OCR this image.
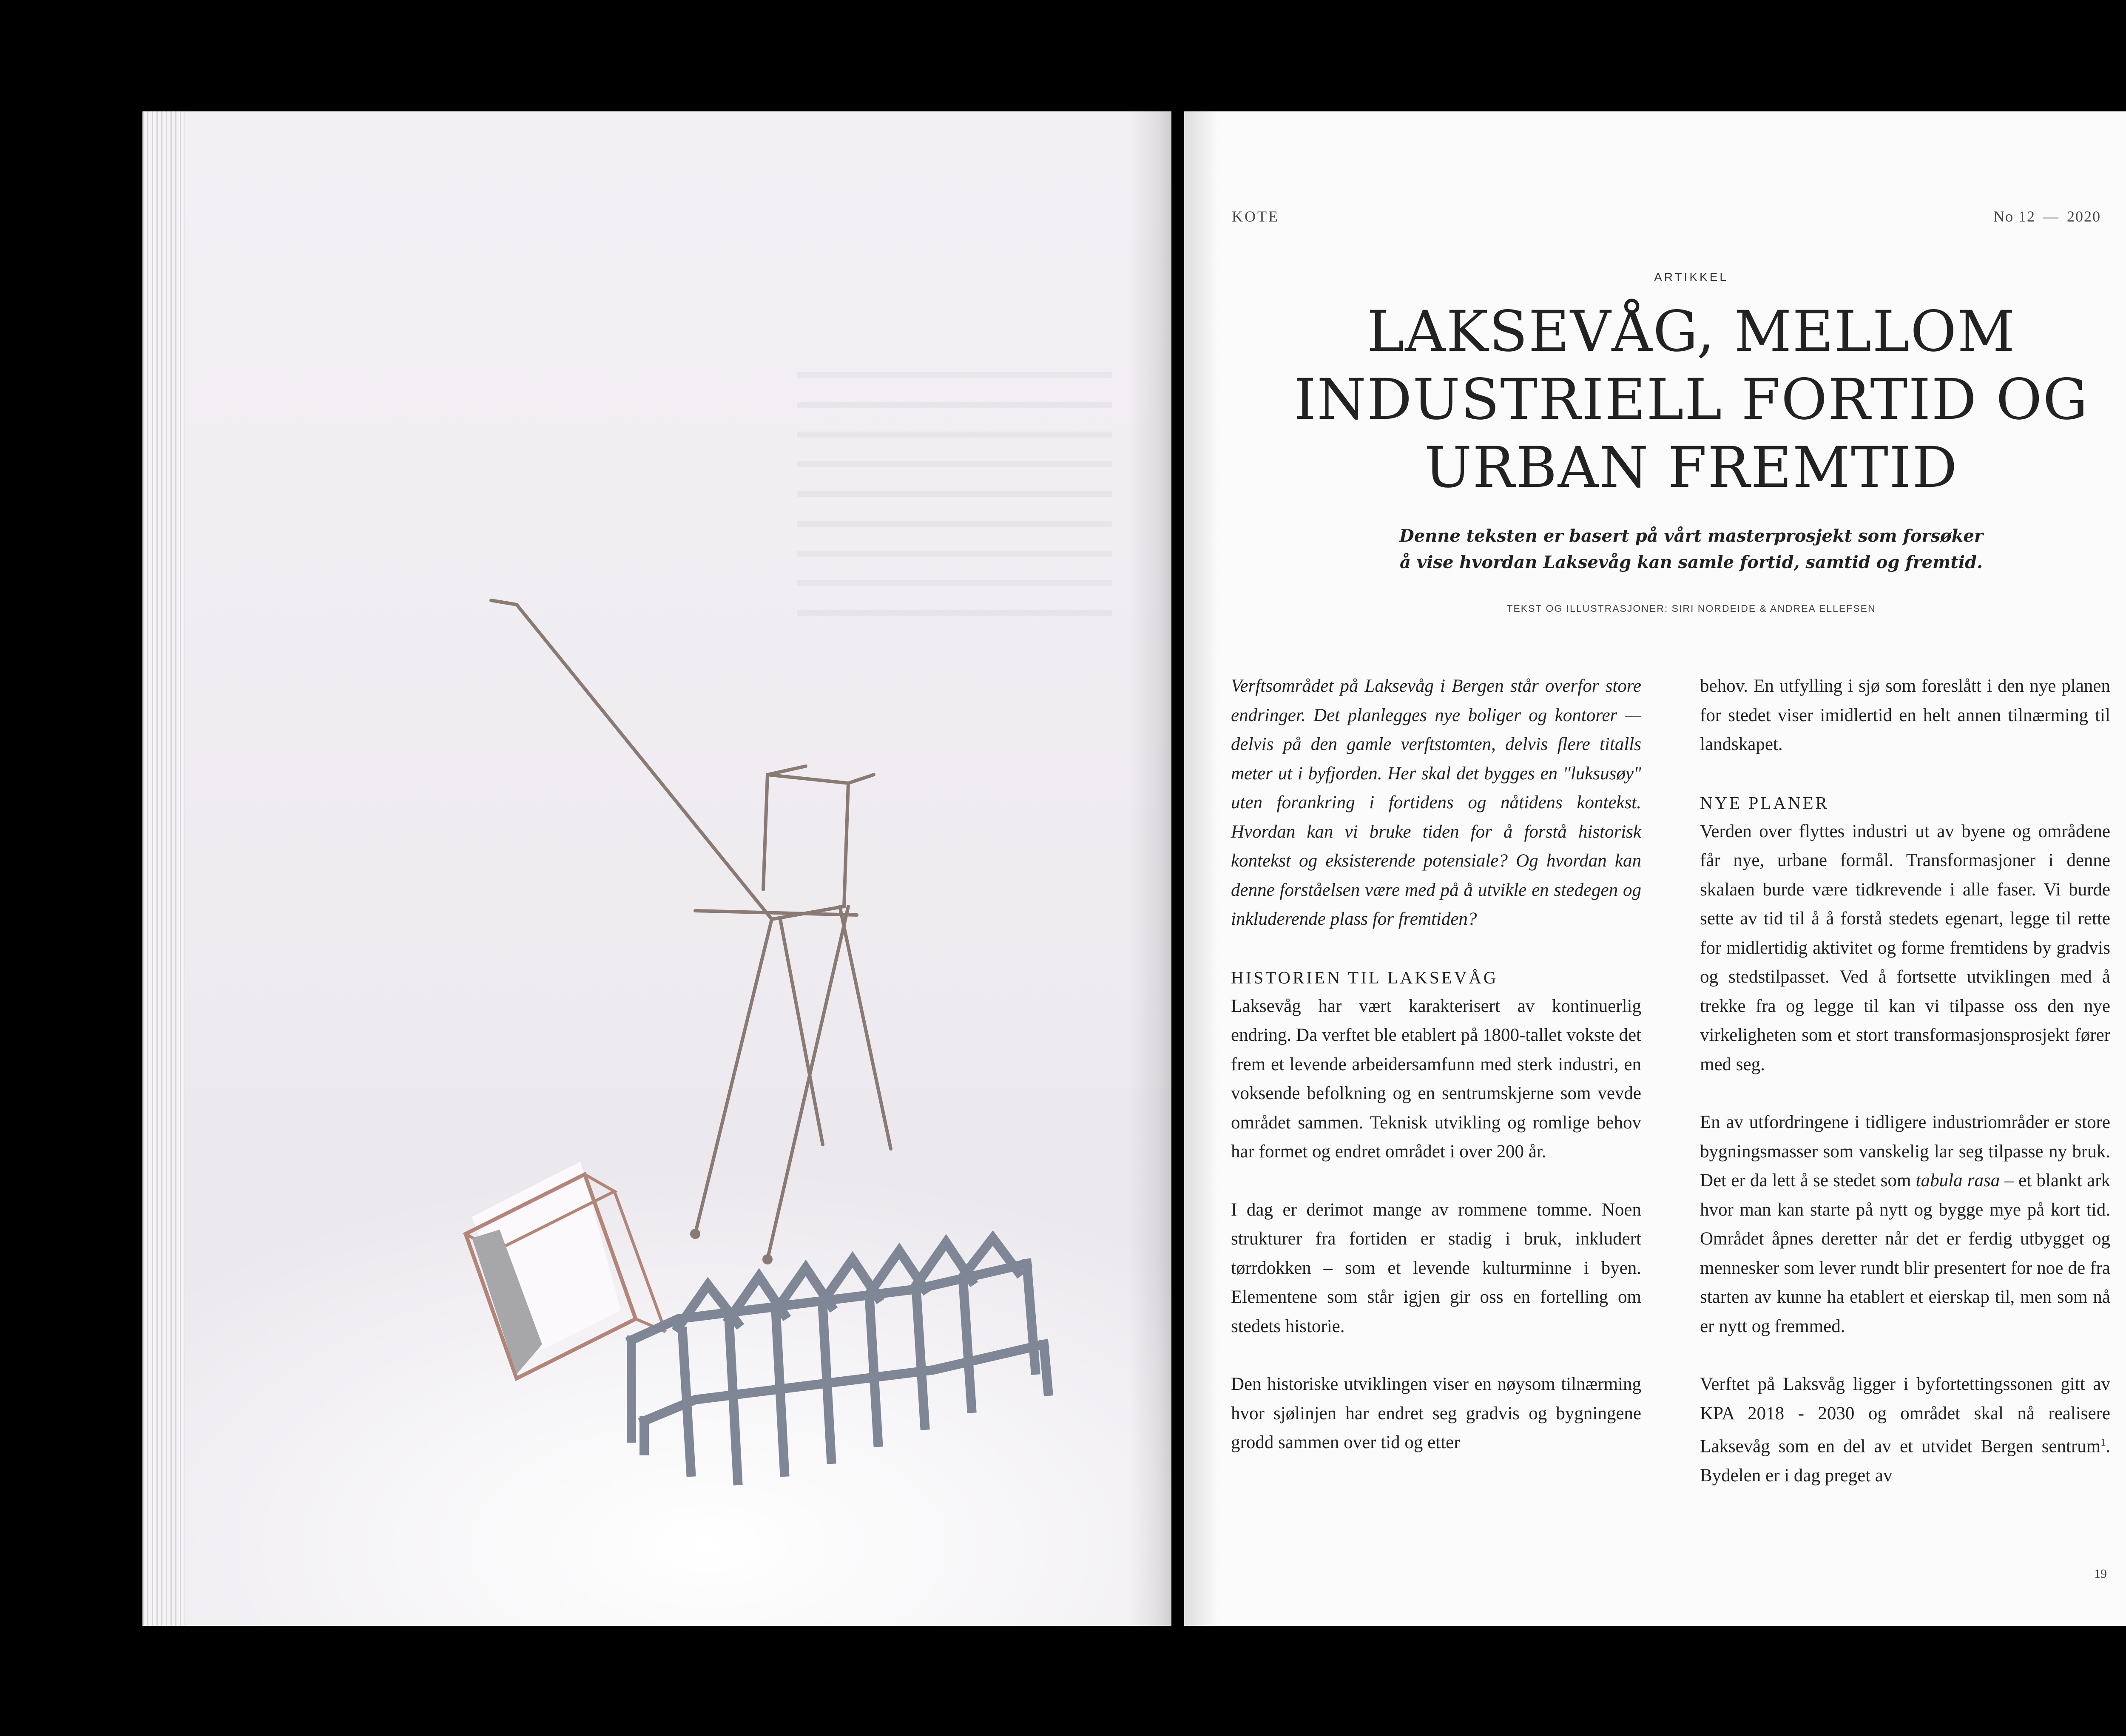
KOTE	No 12 — 2020
ARTIKKEL
LAKSEVÅG, MELLOM
INDUSTRIELL FORTID OG
URBAN FREMTID
Denne teksten er basert på vårt masterprosjekt som forsøker
å vise hvordan Laksevåg kan samle fortid, samtid og fremtid.
TEKST OG ILLUSTRASJONER: SIRI NORDEIDE & ANDREA ELLEFSEN

Verftsområdet på Laksevåg i Bergen står overfor store endringer. Det planlegges nye boliger og kontorer — delvis på den gamle verftstomten, delvis flere titalls meter ut i byfjorden. Her skal det bygges en "luksusøy" uten forankring i fortidens og nåtidens kontekst. Hvordan kan vi bruke tiden for å forstå historisk kontekst og eksisterende potensiale? Og hvordan kan denne forståelsen være med på å utvikle en stedegen og inkluderende plass for fremtiden?

HISTORIEN TIL LAKSEVÅG

Laksevåg har vært karakterisert av kontinuerlig endring. Da verftet ble etablert på 1800-tallet vokste det frem et levende arbeidersamfunn med sterk industri, en voksende befolkning og en sentrumskjerne som vevde området sammen. Teknisk utvikling og romlige behov har formet og endret området i over 200 år.

I dag er derimot mange av rommene tomme. Noen strukturer fra fortiden er stadig i bruk, inkludert tørrdokken – som et levende kulturminne i byen. Elementene som står igjen gir oss en fortelling om stedets historie.

Den historiske utviklingen viser en nøysom tilnærming hvor sjølinjen har endret seg gradvis og bygningene grodd sammen over tid og etter

behov. En utfylling i sjø som foreslått i den nye planen for stedet viser imidlertid en helt annen tilnærming til landskapet.

NYE PLANER

Verden over flyttes industri ut av byene og områdene får nye, urbane formål. Transformasjoner i denne skalaen burde være tidkrevende i alle faser. Vi burde sette av tid til å å forstå stedets egenart, legge til rette for midlertidig aktivitet og forme fremtidens by gradvis og stedstilpasset. Ved å fortsette utviklingen med å trekke fra og legge til kan vi tilpasse oss den nye virkeligheten som et stort transformasjonsprosjekt fører med seg.

En av utfordringene i tidligere industriområder er store bygningsmasser som vanskelig lar seg tilpasse ny bruk. Det er da lett å se stedet som tabula rasa – et blankt ark hvor man kan starte på nytt og bygge mye på kort tid. Området åpnes deretter når det er ferdig utbygget og mennesker som lever rundt blir presentert for noe de fra starten av kunne ha etablert et eierskap til, men som nå er nytt og fremmed.

Verftet på Laksvåg ligger i byfortettingssonen gitt av KPA 2018 - 2030 og området skal nå realisere Laksevåg som en del av et utvidet Bergen sentrum$^1$. Bydelen er i dag preget av

19
